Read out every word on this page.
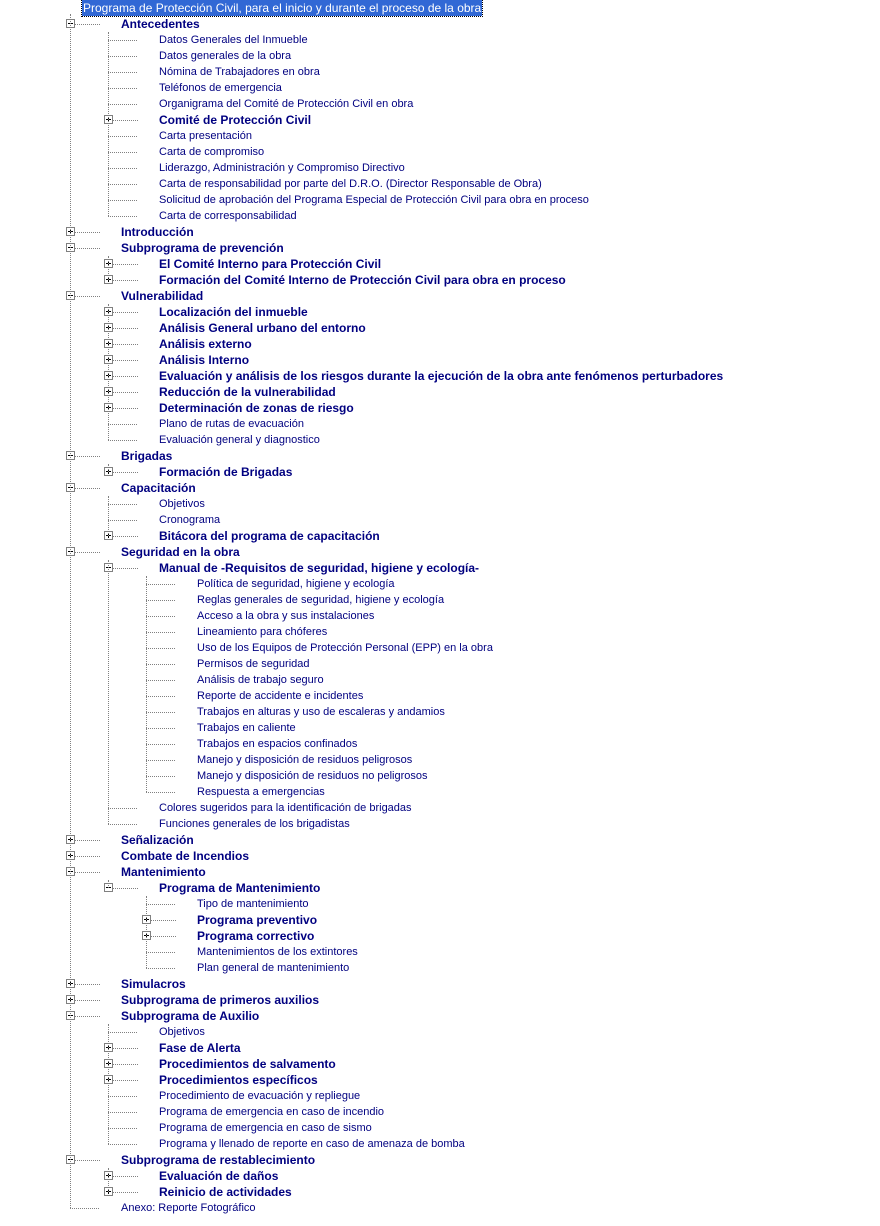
Programa de Protección Civil, para el inicio y durante el proceso de la obra
Antecedentes
Datos Generales del Inmueble
Datos generales de la obra
Nómina de Trabajadores en obra
Teléfonos de emergencia
Organigrama del Comité de Protección Civil en obra
Comité de Protección Civil
Carta presentación
Carta de compromiso
Liderazgo, Administración y Compromiso Directivo
Carta de responsabilidad por parte del D.R.O. (Director Responsable de Obra)
Solicitud de aprobación del Programa Especial de Protección Civil para obra en proceso
Carta de corresponsabilidad
Introducción
Subprograma de prevención
El Comité Interno para Protección Civil
Formación del Comité Interno de Protección Civil para obra en proceso
Vulnerabilidad
Localización del inmueble
Análisis General urbano del entorno
Análisis externo
Análisis Interno
Evaluación y análisis de los riesgos durante la ejecución de la obra ante fenómenos perturbadores
Reducción de la vulnerabilidad
Determinación de zonas de riesgo
Plano de rutas de evacuación
Evaluación general y diagnostico
Brigadas
Formación de Brigadas
Capacitación
Objetivos
Cronograma
Bitácora del programa de capacitación
Seguridad en la obra
Manual de -Requisitos de seguridad, higiene y ecología-
Política de seguridad, higiene y ecología
Reglas generales de seguridad, higiene y ecología
Acceso a la obra y sus instalaciones
Lineamiento para chóferes
Uso de los Equipos de Protección Personal (EPP) en la obra
Permisos de seguridad
Análisis de trabajo seguro
Reporte de accidente e incidentes
Trabajos en alturas y uso de escaleras y andamios
Trabajos en caliente
Trabajos en espacios confinados
Manejo y disposición de residuos peligrosos
Manejo y disposición de residuos no peligrosos
Respuesta a emergencias
Colores sugeridos para la identificación de brigadas
Funciones generales de los brigadistas
Señalización
Combate de Incendios
Mantenimiento
Programa de Mantenimiento
Tipo de mantenimiento
Programa preventivo
Programa correctivo
Mantenimientos de los extintores
Plan general de mantenimiento
Simulacros
Subprograma de primeros auxilios
Subprograma de Auxilio
Objetivos
Fase de Alerta
Procedimientos de salvamento
Procedimientos específicos
Procedimiento de evacuación y repliegue
Programa de emergencia en caso de incendio
Programa de emergencia en caso de sismo
Programa y llenado de reporte en caso de amenaza de bomba
Subprograma de restablecimiento
Evaluación de daños
Reinicio de actividades
Anexo: Reporte Fotográfico
